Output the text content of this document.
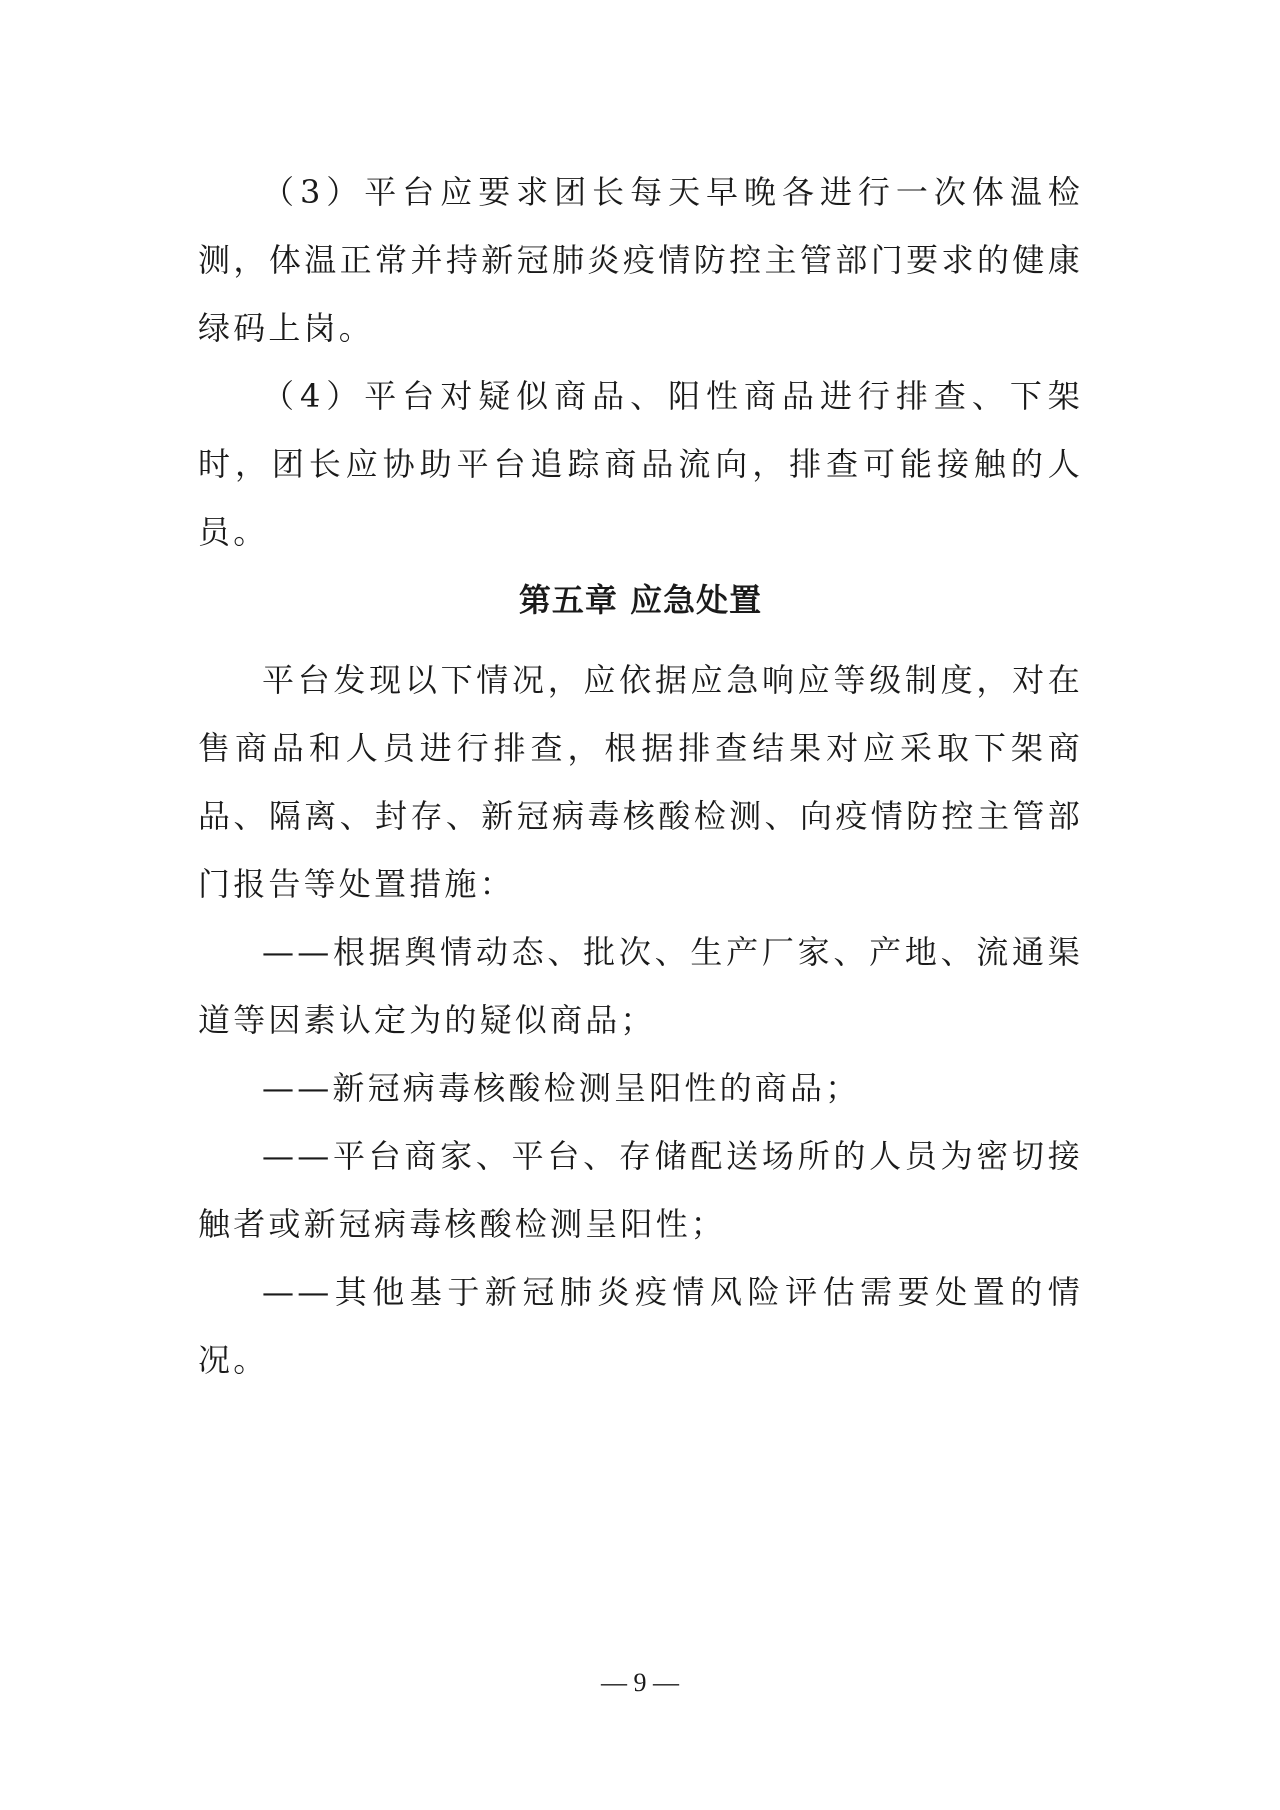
（3）平台应要求团长每天早晚各进行一次体温检测，体温正常并持新冠肺炎疫情防控主管部门要求的健康绿码上岗。

（4）平台对疑似商品、阳性商品进行排查、下架时，团长应协助平台追踪商品流向，排查可能接触的人员。

第五章 应急处置

平台发现以下情况，应依据应急响应等级制度，对在售商品和人员进行排查，根据排查结果对应采取下架商品、隔离、封存、新冠病毒核酸检测、向疫情防控主管部门报告等处置措施：

——根据舆情动态、批次、生产厂家、产地、流通渠道等因素认定为的疑似商品；

——新冠病毒核酸检测呈阳性的商品；

——平台商家、平台、存储配送场所的人员为密切接触者或新冠病毒核酸检测呈阳性；

——其他基于新冠肺炎疫情风险评估需要处置的情况。

— 9 —
